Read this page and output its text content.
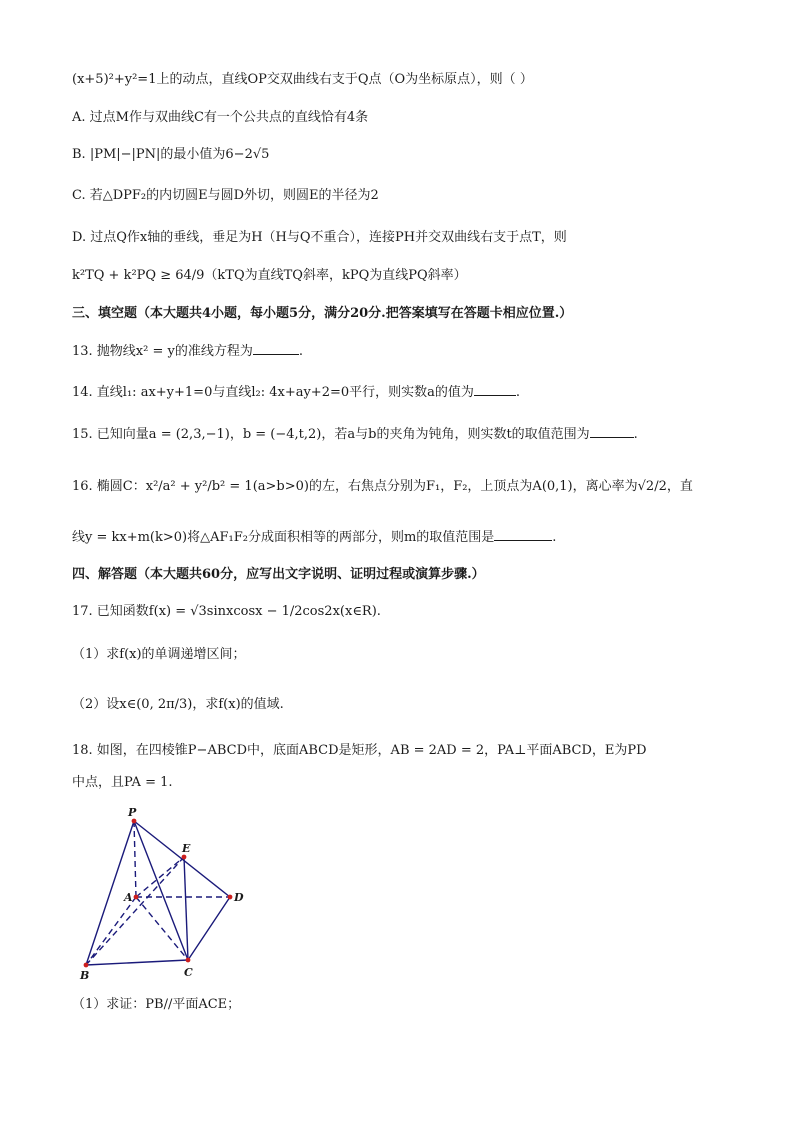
(x+5)²+y²=1上的动点，直线OP交双曲线右支于Q点（O为坐标原点），则（ ）
A. 过点M作与双曲线C有一个公共点的直线恰有4条
B. |PM|−|PN|的最小值为6−2√5
C. 若△DPF₂的内切圆E与圆D外切，则圆E的半径为2
D. 过点Q作x轴的垂线，垂足为H（H与Q不重合），连接PH并交双曲线右支于点T，则
k²TQ + k²PQ ≥ 64/9（kTQ为直线TQ斜率，kPQ为直线PQ斜率）
三、填空题（本大题共4小题，每小题5分，满分20分.把答案填写在答题卡相应位置.）
13. 抛物线x² = y的准线方程为	.
14. 直线l₁: ax+y+1=0与直线l₂: 4x+ay+2=0平行，则实数a的值为	.
15. 已知向量a = (2,3,−1)，b = (−4,t,2)，若a与b的夹角为钝角，则实数t的取值范围为	.
16. 椭圆C：x²/a² + y²/b² = 1(a>b>0)的左，右焦点分别为F₁，F₂，上顶点为A(0,1)，离心率为√2/2，直
线y = kx+m(k>0)将△AF₁F₂分成面积相等的两部分，则m的取值范围是	.
四、解答题（本大题共60分，应写出文字说明、证明过程或演算步骤.）
17. 已知函数f(x) = √3sinxcosx − 1/2cos2x(x∈R).
（1）求f(x)的单调递增区间；
（2）设x∈(0, 2π/3)，求f(x)的值域.
18. 如图，在四棱锥P−ABCD中，底面ABCD是矩形，AB = 2AD = 2，PA⊥平面ABCD，E为PD
中点，且PA = 1.
P
E
A	D
B	C
（1）求证：PB//平面ACE；
